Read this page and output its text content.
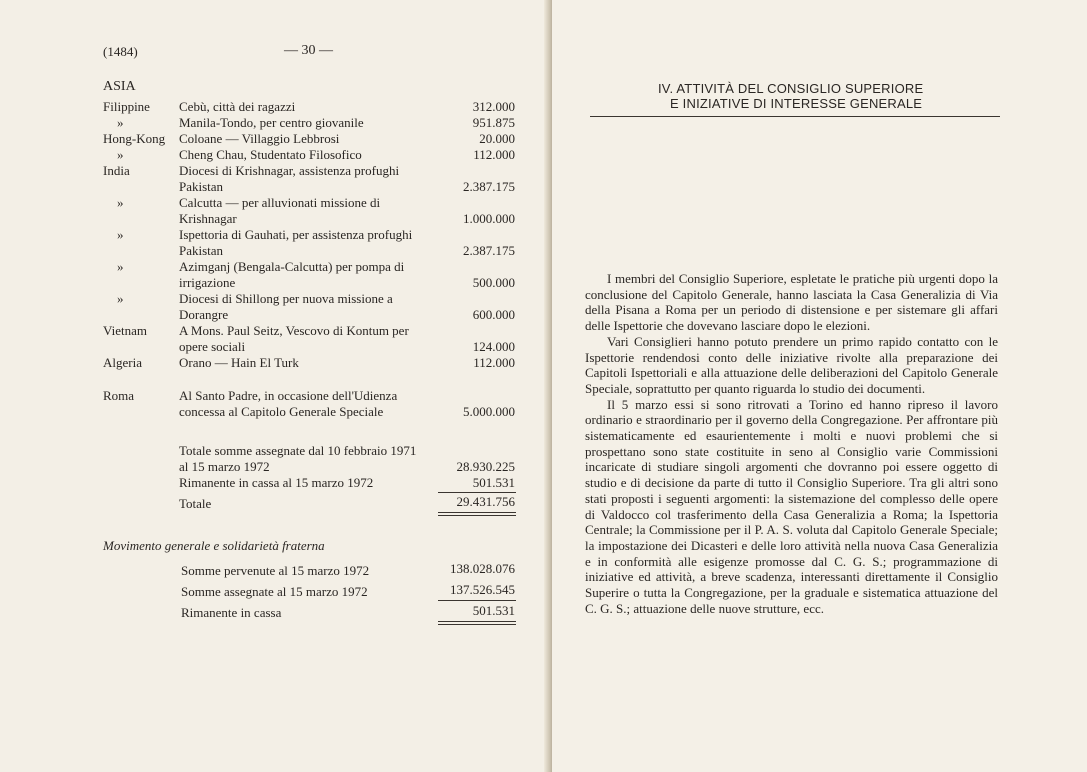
(1484)	— 30 —
ASIA
Filippine Cebù, città dei ragazzi	312.000
»	Manila-Tondo, per centro giovanile	951.875
Hong-Kong Coloane — Villaggio Lebbrosi	20.000
»	Cheng Chau, Studentato Filosofico	112.000
India	Diocesi di Krishnagar, assistenza profughi Pakistan	2.387.175
»	Calcutta — per alluvionati missione di Krishnagar	1.000.000
»	Ispettoria di Gauhati, per assistenza profughi Pakistan	2.387.175
»	Azimganj (Bengala-Calcutta) per pompa di irrigazione	500.000
»	Diocesi di Shillong per nuova missione a Dorangre	600.000
Vietnam A Mons. Paul Seitz, Vescovo di Kontum per opere sociali	124.000
Algeria	Orano — Hain El Turk	112.000
Roma	Al Santo Padre, in occasione dell'Udienza concessa al Capitolo Generale Speciale	5.000.000
Totale somme assegnate dal 10 febbraio 1971
al 15 marzo 1972	28.930.225
Rimanente in cassa al 15 marzo 1972	501.531
Totale	29.431.756
Movimento generale e solidarietà fraterna
Somme pervenute al 15 marzo 1972	138.028.076
Somme assegnate al 15 marzo 1972	137.526.545
Rimanente in cassa	501.531
IV. ATTIVITÀ DEL CONSIGLIO SUPERIORE
E INIZIATIVE DI INTERESSE GENERALE

I membri del Consiglio Superiore, espletate le pratiche più urgenti dopo la conclusione del Capitolo Generale, hanno lasciata la Casa Generalizia di Via della Pisana a Roma per un periodo di distensione e per sistemare gli affari delle Ispettorie che dovevano lasciare dopo le elezioni.

Vari Consiglieri hanno potuto prendere un primo rapido contatto con le Ispettorie rendendosi conto delle iniziative rivolte alla preparazione dei Capitoli Ispettoriali e alla attuazione delle deliberazioni del Capitolo Generale Speciale, soprattutto per quanto riguarda lo studio dei documenti.

Il 5 marzo essi si sono ritrovati a Torino ed hanno ripreso il lavoro ordinario e straordinario per il governo della Congregazione. Per affrontare più sistematicamente ed esaurientemente i molti e nuovi problemi che si prospettano sono state costituite in seno al Consiglio varie Commissioni incaricate di studiare singoli argomenti che dovranno poi essere oggetto di studio e di decisione da parte di tutto il Consiglio Superiore. Tra gli altri sono stati proposti i seguenti argomenti: la sistemazione del complesso delle opere di Valdocco col trasferimento della Casa Generalizia a Roma; la Ispettoria Centrale; la Commissione per il P. A. S. voluta dal Capitolo Generale Speciale; la impostazione dei Dicasteri e delle loro attività nella nuova Casa Generalizia e in conformità alle esigenze promosse dal C. G. S.; programmazione di iniziative ed attività, a breve scadenza, interessanti direttamente il Consiglio Superire o tutta la Congregazione, per la graduale e sistematica attuazione del C. G. S.; attuazione delle nuove strutture, ecc.
